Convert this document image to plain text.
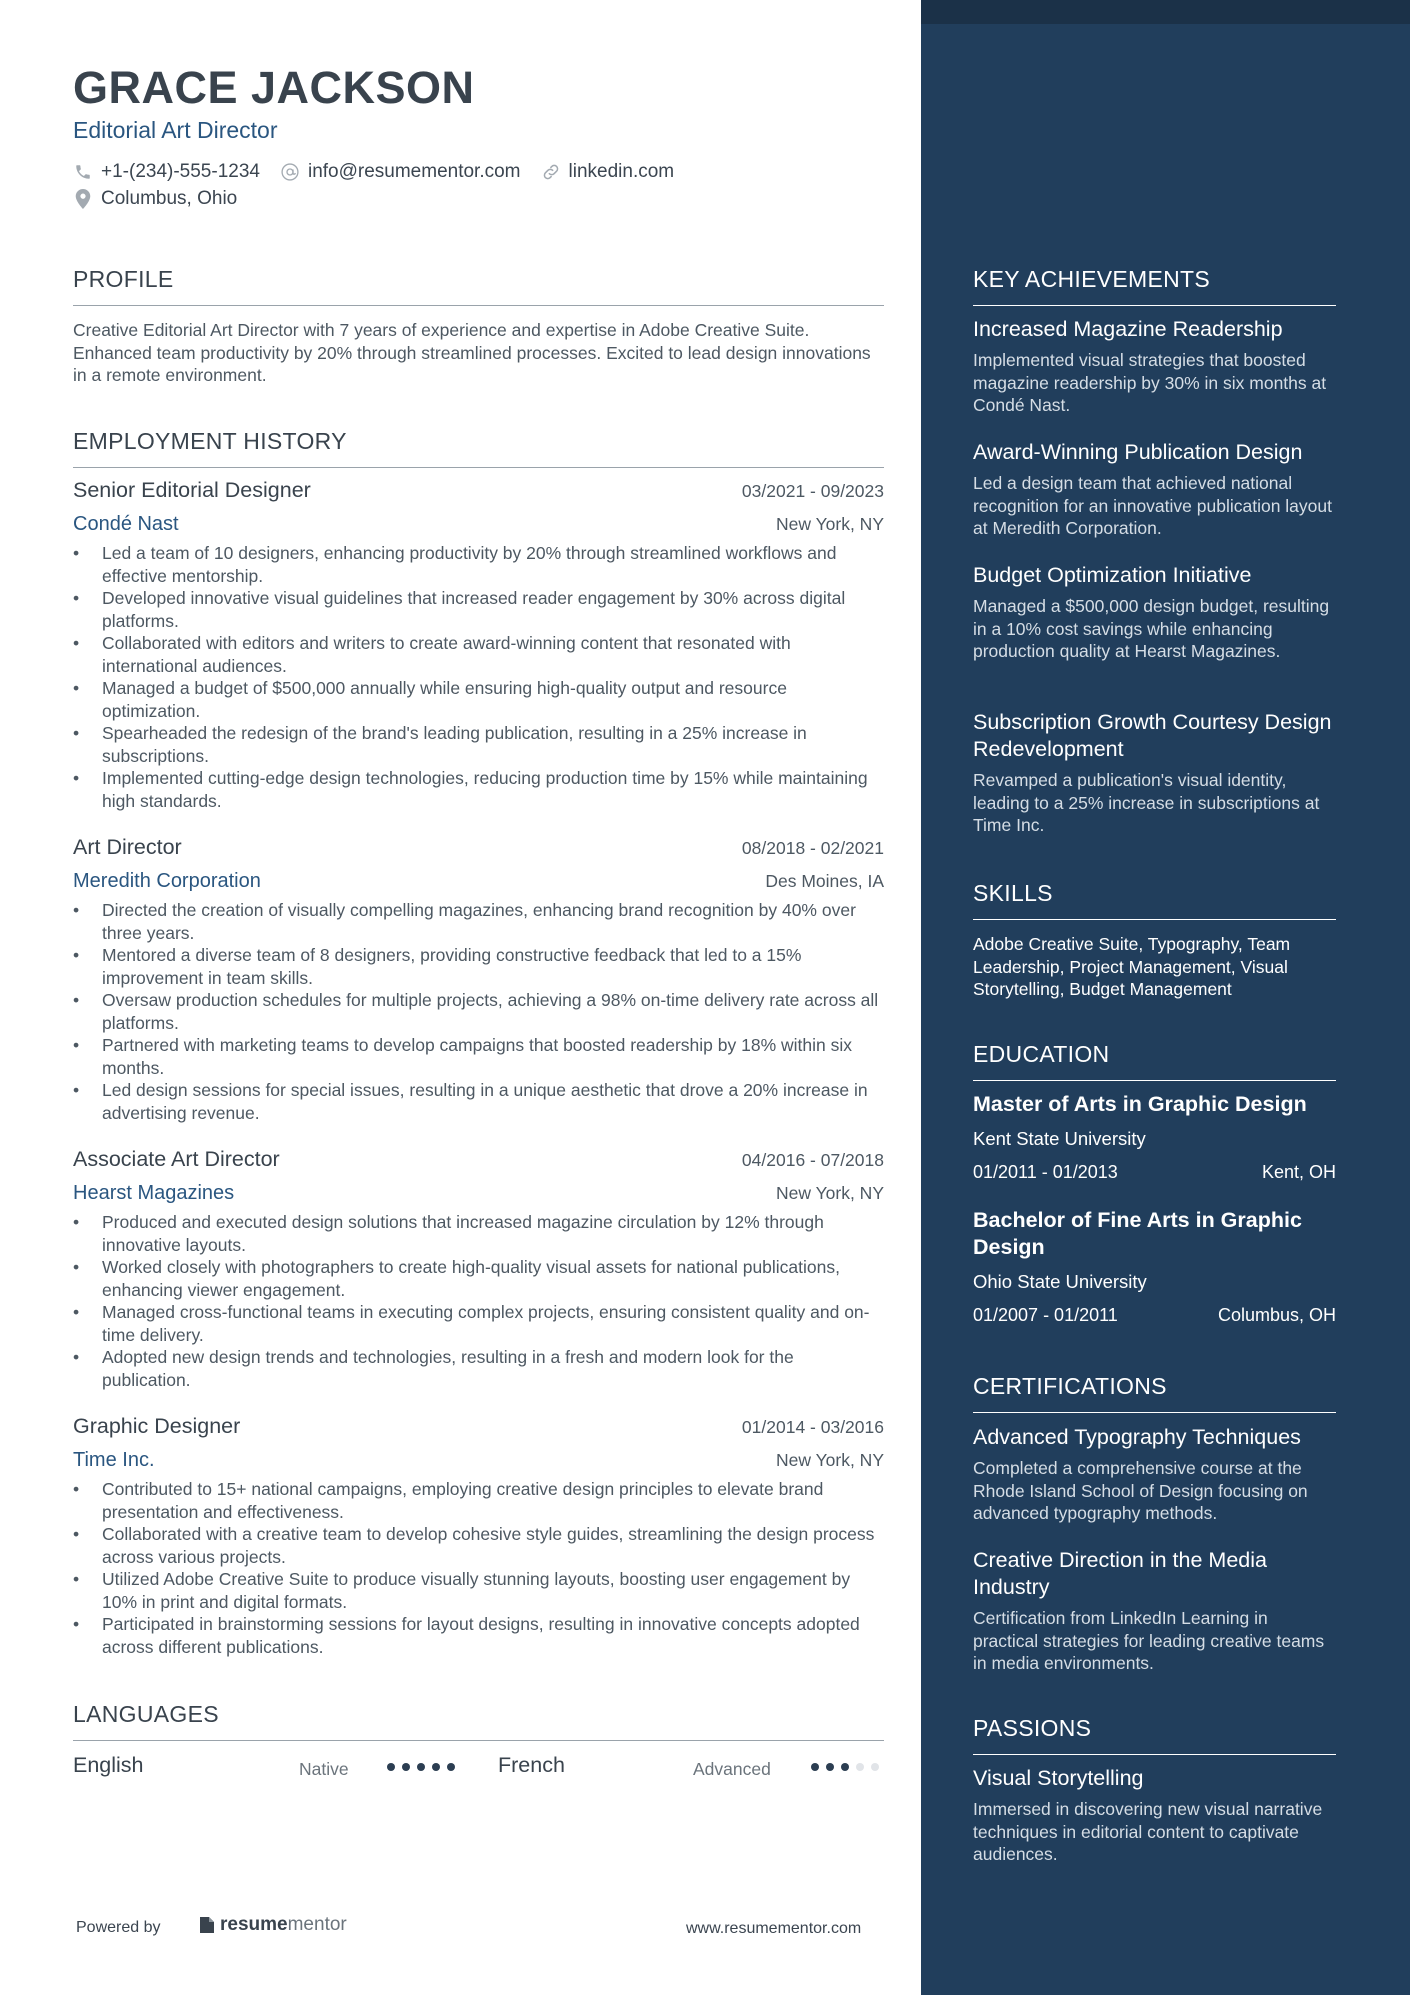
GRACE JACKSON
Editorial Art Director
+1-(234)-555-1234	info@resumementor.com	linkedin.com
Columbus, Ohio
PROFILE
Creative Editorial Art Director with 7 years of experience and expertise in Adobe Creative Suite. Enhanced team productivity by 20% through streamlined processes. Excited to lead design innovations in a remote environment.
EMPLOYMENT HISTORY
Senior Editorial Designer	03/2021 - 09/2023
Condé Nast	New York, NY
• Led a team of 10 designers, enhancing productivity by 20% through streamlined workflows and effective mentorship.
• Developed innovative visual guidelines that increased reader engagement by 30% across digital platforms.
• Collaborated with editors and writers to create award-winning content that resonated with international audiences.
• Managed a budget of $500,000 annually while ensuring high-quality output and resource optimization.
• Spearheaded the redesign of the brand's leading publication, resulting in a 25% increase in subscriptions.
• Implemented cutting-edge design technologies, reducing production time by 15% while maintaining high standards.
Art Director	08/2018 - 02/2021
Meredith Corporation	Des Moines, IA
• Directed the creation of visually compelling magazines, enhancing brand recognition by 40% over three years.
• Mentored a diverse team of 8 designers, providing constructive feedback that led to a 15% improvement in team skills.
• Oversaw production schedules for multiple projects, achieving a 98% on-time delivery rate across all platforms.
• Partnered with marketing teams to develop campaigns that boosted readership by 18% within six months.
• Led design sessions for special issues, resulting in a unique aesthetic that drove a 20% increase in advertising revenue.
Associate Art Director	04/2016 - 07/2018
Hearst Magazines	New York, NY
• Produced and executed design solutions that increased magazine circulation by 12% through innovative layouts.
• Worked closely with photographers to create high-quality visual assets for national publications, enhancing viewer engagement.
• Managed cross-functional teams in executing complex projects, ensuring consistent quality and on-time delivery.
• Adopted new design trends and technologies, resulting in a fresh and modern look for the publication.
Graphic Designer	01/2014 - 03/2016
Time Inc.	New York, NY
• Contributed to 15+ national campaigns, employing creative design principles to elevate brand presentation and effectiveness.
• Collaborated with a creative team to develop cohesive style guides, streamlining the design process across various projects.
• Utilized Adobe Creative Suite to produce visually stunning layouts, boosting user engagement by 10% in print and digital formats.
• Participated in brainstorming sessions for layout designs, resulting in innovative concepts adopted across different publications.
LANGUAGES
English	Native	French	Advanced
Powered by	resume mentor	www.resumementor.com
KEY ACHIEVEMENTS
Increased Magazine Readership
Implemented visual strategies that boosted magazine readership by 30% in six months at Condé Nast.
Award-Winning Publication Design
Led a design team that achieved national recognition for an innovative publication layout at Meredith Corporation.
Budget Optimization Initiative
Managed a $500,000 design budget, resulting in a 10% cost savings while enhancing production quality at Hearst Magazines.
Subscription Growth Courtesy Design Redevelopment
Revamped a publication's visual identity, leading to a 25% increase in subscriptions at Time Inc.
SKILLS
Adobe Creative Suite, Typography, Team Leadership, Project Management, Visual Storytelling, Budget Management
EDUCATION
Master of Arts in Graphic Design
Kent State University
01/2011 - 01/2013	Kent, OH
Bachelor of Fine Arts in Graphic Design
Ohio State University
01/2007 - 01/2011	Columbus, OH
CERTIFICATIONS
Advanced Typography Techniques
Completed a comprehensive course at the Rhode Island School of Design focusing on advanced typography methods.
Creative Direction in the Media Industry
Certification from LinkedIn Learning in practical strategies for leading creative teams in media environments.
PASSIONS
Visual Storytelling
Immersed in discovering new visual narrative techniques in editorial content to captivate audiences.
